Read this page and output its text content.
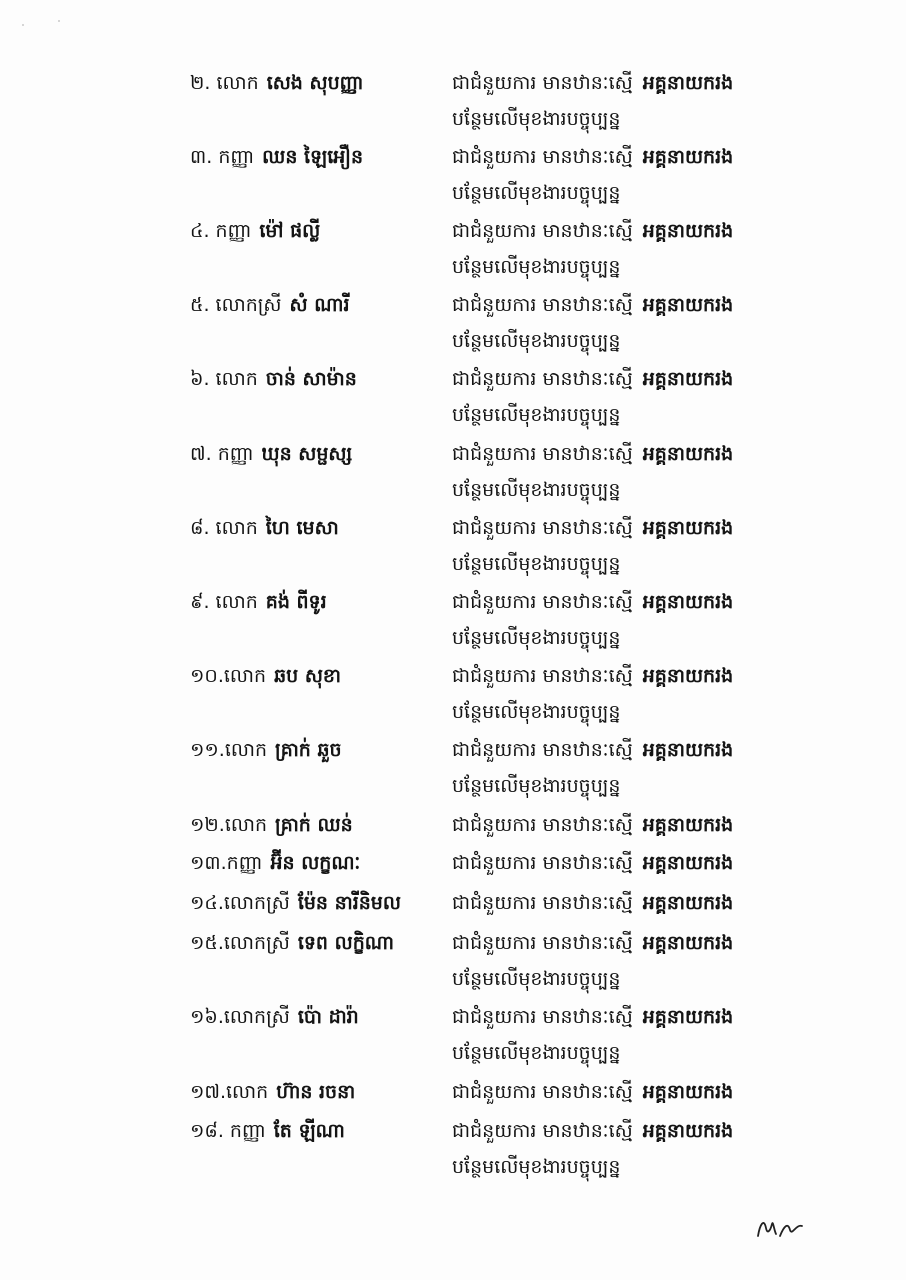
២. លោក សេង សុបញ្ញា	ជាជំនួយការ មានឋានៈស្មើ អគ្គនាយករង
បន្ថែមលើមុខងារបច្ចុប្បន្ន
៣. កញ្ញា ឈន ឡៃអឿន	ជាជំនួយការ មានឋានៈស្មើ អគ្គនាយករង
បន្ថែមលើមុខងារបច្ចុប្បន្ន
៤. កញ្ញា ម៉ៅ ផល្លី	ជាជំនួយការ មានឋានៈស្មើ អគ្គនាយករង
បន្ថែមលើមុខងារបច្ចុប្បន្ន
៥. លោកស្រី សំ ណារី	ជាជំនួយការ មានឋានៈស្មើ អគ្គនាយករង
បន្ថែមលើមុខងារបច្ចុប្បន្ន
៦. លោក ចាន់ សាម៉ាន	ជាជំនួយការ មានឋានៈស្មើ អគ្គនាយករង
បន្ថែមលើមុខងារបច្ចុប្បន្ន
៧. កញ្ញា ឃុន សម្ផស្ស	ជាជំនួយការ មានឋានៈស្មើ អគ្គនាយករង
បន្ថែមលើមុខងារបច្ចុប្បន្ន
៨. លោក ហៃ មេសា	ជាជំនួយការ មានឋានៈស្មើ អគ្គនាយករង
បន្ថែមលើមុខងារបច្ចុប្បន្ន
៩. លោក គង់ ពីទូរ	ជាជំនួយការ មានឋានៈស្មើ អគ្គនាយករង
បន្ថែមលើមុខងារបច្ចុប្បន្ន
១០.លោក ឆប សុខា	ជាជំនួយការ មានឋានៈស្មើ អគ្គនាយករង
បន្ថែមលើមុខងារបច្ចុប្បន្ន
១១.លោក គ្រាក់ ឆួច	ជាជំនួយការ មានឋានៈស្មើ អគ្គនាយករង
បន្ថែមលើមុខងារបច្ចុប្បន្ន
១២.លោក គ្រាក់ ឈន់	ជាជំនួយការ មានឋានៈស្មើ អគ្គនាយករង
១៣.កញ្ញា អ៊ីន លក្ខណៈ	ជាជំនួយការ មានឋានៈស្មើ អគ្គនាយករង
១៤.លោកស្រី ម៉ែន នារីនិមល	ជាជំនួយការ មានឋានៈស្មើ អគ្គនាយករង
១៥.លោកស្រី ទេព លក្ខិណា	ជាជំនួយការ មានឋានៈស្មើ អគ្គនាយករង
បន្ថែមលើមុខងារបច្ចុប្បន្ន
១៦.លោកស្រី ប៉ោ ដារ៉ា	ជាជំនួយការ មានឋានៈស្មើ អគ្គនាយករង
បន្ថែមលើមុខងារបច្ចុប្បន្ន
១៧.លោក ហ៊ាន រចនា	ជាជំនួយការ មានឋានៈស្មើ អគ្គនាយករង
១៨. កញ្ញា តែ ឡីណា	ជាជំនួយការ មានឋានៈស្មើ អគ្គនាយករង
បន្ថែមលើមុខងារបច្ចុប្បន្ន
